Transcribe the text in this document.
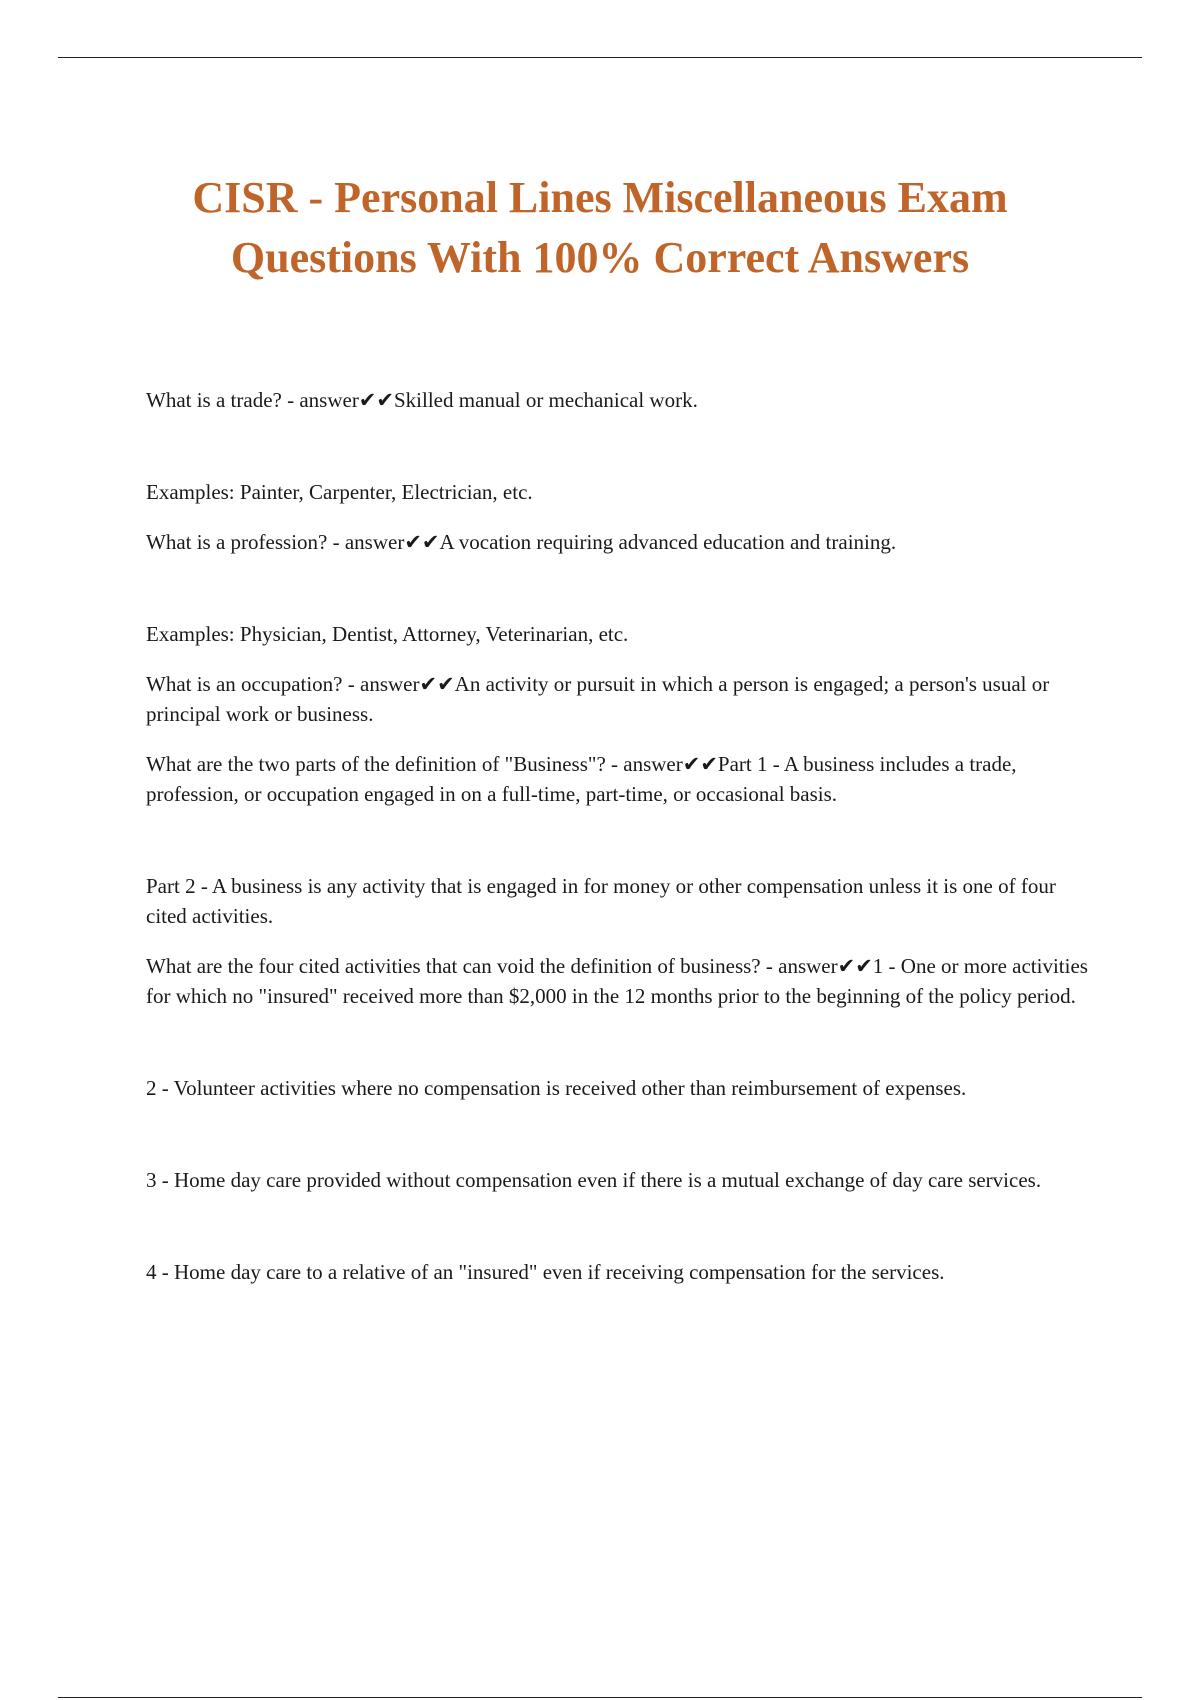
CISR - Personal Lines Miscellaneous Exam
Questions With 100% Correct Answers

What is a trade? - answer✔✔Skilled manual or mechanical work.

Examples: Painter, Carpenter, Electrician, etc.

What is a profession? - answer✔✔A vocation requiring advanced education and training.

Examples: Physician, Dentist, Attorney, Veterinarian, etc.

What is an occupation? - answer✔✔An activity or pursuit in which a person is engaged; a person's usual or principal work or business.

What are the two parts of the definition of "Business"? - answer✔✔Part 1 - A business includes a trade, profession, or occupation engaged in on a full-time, part-time, or occasional basis.

Part 2 - A business is any activity that is engaged in for money or other compensation unless it is one of four cited activities.

What are the four cited activities that can void the definition of business? - answer✔✔1 - One or more activities for which no "insured" received more than $2,000 in the 12 months prior to the beginning of the policy period.

2 - Volunteer activities where no compensation is received other than reimbursement of expenses.

3 - Home day care provided without compensation even if there is a mutual exchange of day care services.

4 - Home day care to a relative of an "insured" even if receiving compensation for the services.
